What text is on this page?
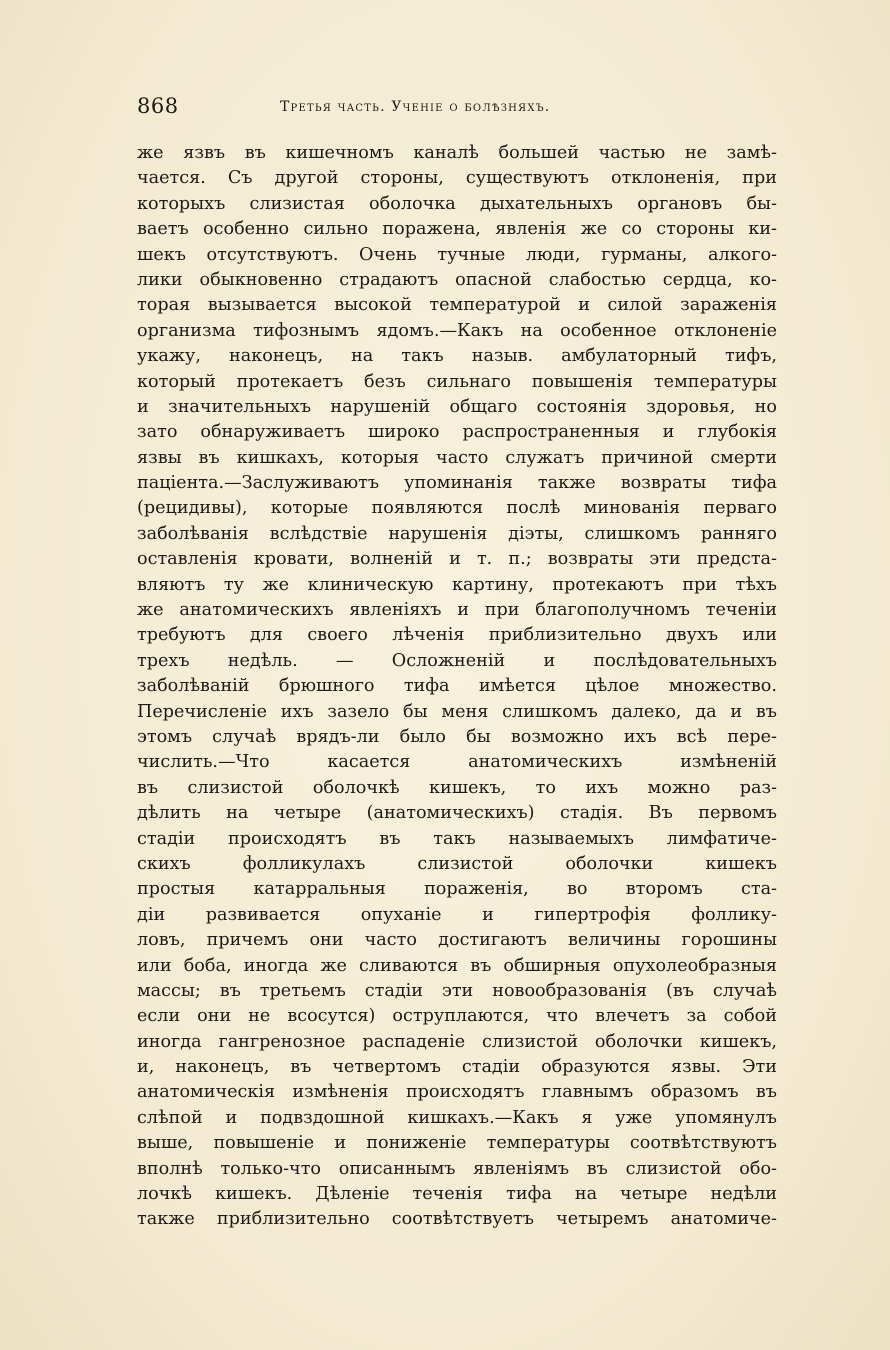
868	Третья часть. Ученіе о болѣзняхъ.
же язвъ въ кишечномъ каналѣ большей частью не замѣ-
чается. Съ другой стороны, существуютъ отклоненія, при
которыхъ слизистая оболочка дыхательныхъ органовъ бы-
ваетъ особенно сильно поражена, явленія же со стороны ки-
шекъ отсутствуютъ. Очень тучные люди, гурманы, алкого-
лики обыкновенно страдаютъ опасной слабостью сердца, ко-
торая вызывается высокой температурой и силой зараженія
организма тифознымъ ядомъ.—Какъ на особенное отклоненіе
укажу, наконецъ, на такъ назыв. амбулаторный тифъ,
который протекаетъ безъ сильнаго повышенія температуры
и значительныхъ нарушеній общаго состоянія здоровья, но
зато обнаруживаетъ широко распространенныя и глубокія
язвы въ кишкахъ, которыя часто служатъ причиной смерти
паціента.—Заслуживаютъ упоминанія также возвраты тифа
(рецидивы), которые появляются послѣ минованія перваго
заболѣванія вслѣдствіе нарушенія діэты, слишкомъ ранняго
оставленія кровати, волненій и т. п.; возвраты эти предста-
вляютъ ту же клиническую картину, протекаютъ при тѣхъ
же анатомическихъ явленіяхъ и при благополучномъ теченіи
требуютъ для своего лѣченія приблизительно двухъ или
трехъ недѣль. — Осложненій и послѣдовательныхъ
заболѣваній брюшного тифа имѣется цѣлое множество.
Перечисленіе ихъ зазело бы меня слишкомъ далеко, да и въ
этомъ случаѣ врядъ-ли было бы возможно ихъ всѣ пере-
числить.—Что касается анатомическихъ измѣненій
въ слизистой оболочкѣ кишекъ, то ихъ можно раз-
дѣлить на четыре (анатомическихъ) стадія. Въ первомъ
стадіи происходятъ въ такъ называемыхъ лимфатиче-
скихъ фолликулахъ слизистой оболочки кишекъ
простыя катарральныя пораженія, во второмъ ста-
діи развивается опуханіе и гипертрофія фоллику-
ловъ, причемъ они часто достигаютъ величины горошины
или боба, иногда же сливаются въ обширныя опухолеобразныя
массы; въ третьемъ стадіи эти новообразованія (въ случаѣ
если они не всосутся) оструплаются, что влечетъ за собой
иногда гангренозное распаденіе слизистой оболочки кишекъ,
и, наконецъ, въ четвертомъ стадіи образуются язвы. Эти
анатомическія измѣненія происходятъ главнымъ образомъ въ
слѣпой и подвздошной кишкахъ.—Какъ я уже упомянулъ
выше, повышеніе и пониженіе температуры соотвѣтствуютъ
вполнѣ только-что описаннымъ явленіямъ въ слизистой обо-
лочкѣ кишекъ. Дѣленіе теченія тифа на четыре недѣли
также приблизительно соотвѣтствуетъ четыремъ анатомиче-
